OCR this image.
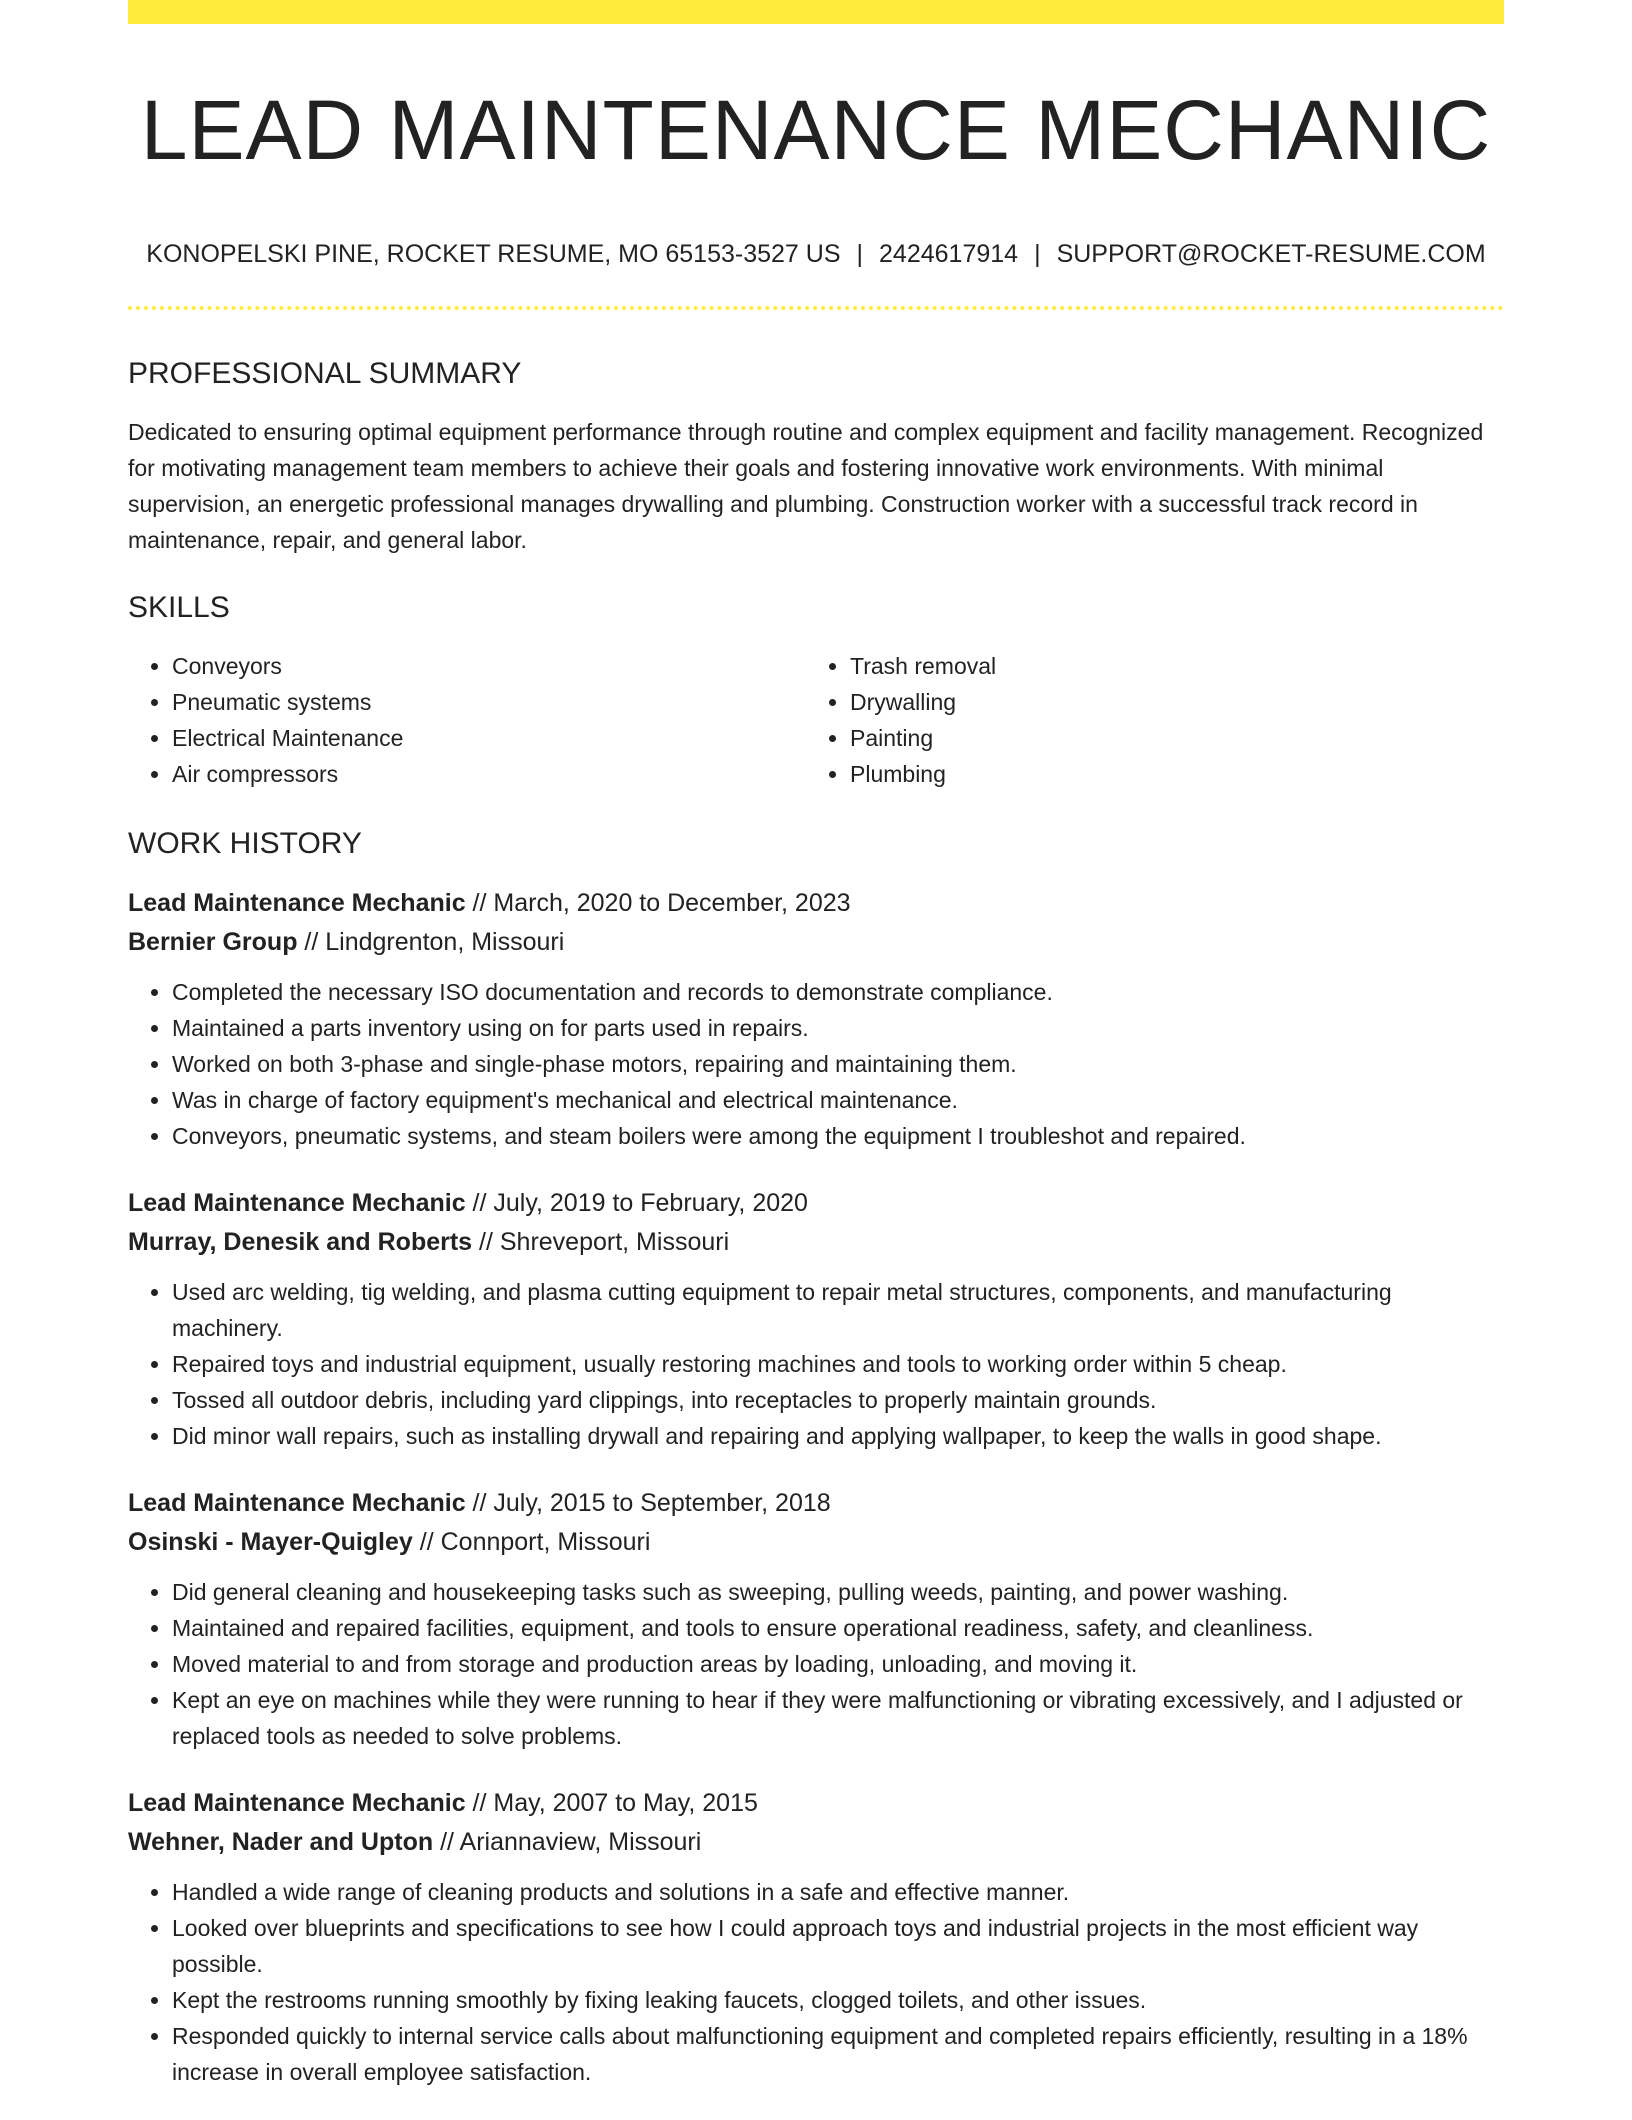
LEAD MAINTENANCE MECHANIC
KONOPELSKI PINE, ROCKET RESUME, MO 65153-3527 US | 2424617914 | SUPPORT@ROCKET-RESUME.COM
PROFESSIONAL SUMMARY

Dedicated to ensuring optimal equipment performance through routine and complex equipment and facility management. Recognized for motivating management team members to achieve their goals and fostering innovative work environments. With minimal supervision, an energetic professional manages drywalling and plumbing. Construction worker with a successful track record in maintenance, repair, and general labor.

SKILLS
• Conveyors
• Pneumatic systems
• Electrical Maintenance
• Air compressors
• Trash removal
• Drywalling
• Painting
• Plumbing
WORK HISTORY
Lead Maintenance Mechanic // March, 2020 to December, 2023
Bernier Group // Lindgrenton, Missouri
• Completed the necessary ISO documentation and records to demonstrate compliance.
• Maintained a parts inventory using on for parts used in repairs.
• Worked on both 3-phase and single-phase motors, repairing and maintaining them.
• Was in charge of factory equipment's mechanical and electrical maintenance.
• Conveyors, pneumatic systems, and steam boilers were among the equipment I troubleshot and repaired.
Lead Maintenance Mechanic // July, 2019 to February, 2020
Murray, Denesik and Roberts // Shreveport, Missouri
• Used arc welding, tig welding, and plasma cutting equipment to repair metal structures, components, and manufacturing machinery.
• Repaired toys and industrial equipment, usually restoring machines and tools to working order within 5 cheap.
• Tossed all outdoor debris, including yard clippings, into receptacles to properly maintain grounds.
• Did minor wall repairs, such as installing drywall and repairing and applying wallpaper, to keep the walls in good shape.
Lead Maintenance Mechanic // July, 2015 to September, 2018
Osinski - Mayer-Quigley // Connport, Missouri
• Did general cleaning and housekeeping tasks such as sweeping, pulling weeds, painting, and power washing.
• Maintained and repaired facilities, equipment, and tools to ensure operational readiness, safety, and cleanliness.
• Moved material to and from storage and production areas by loading, unloading, and moving it.
• Kept an eye on machines while they were running to hear if they were malfunctioning or vibrating excessively, and I adjusted or replaced tools as needed to solve problems.
Lead Maintenance Mechanic // May, 2007 to May, 2015
Wehner, Nader and Upton // Ariannaview, Missouri
• Handled a wide range of cleaning products and solutions in a safe and effective manner.
• Looked over blueprints and specifications to see how I could approach toys and industrial projects in the most efficient way possible.
• Kept the restrooms running smoothly by fixing leaking faucets, clogged toilets, and other issues.
• Responded quickly to internal service calls about malfunctioning equipment and completed repairs efficiently, resulting in a 18% increase in overall employee satisfaction.
